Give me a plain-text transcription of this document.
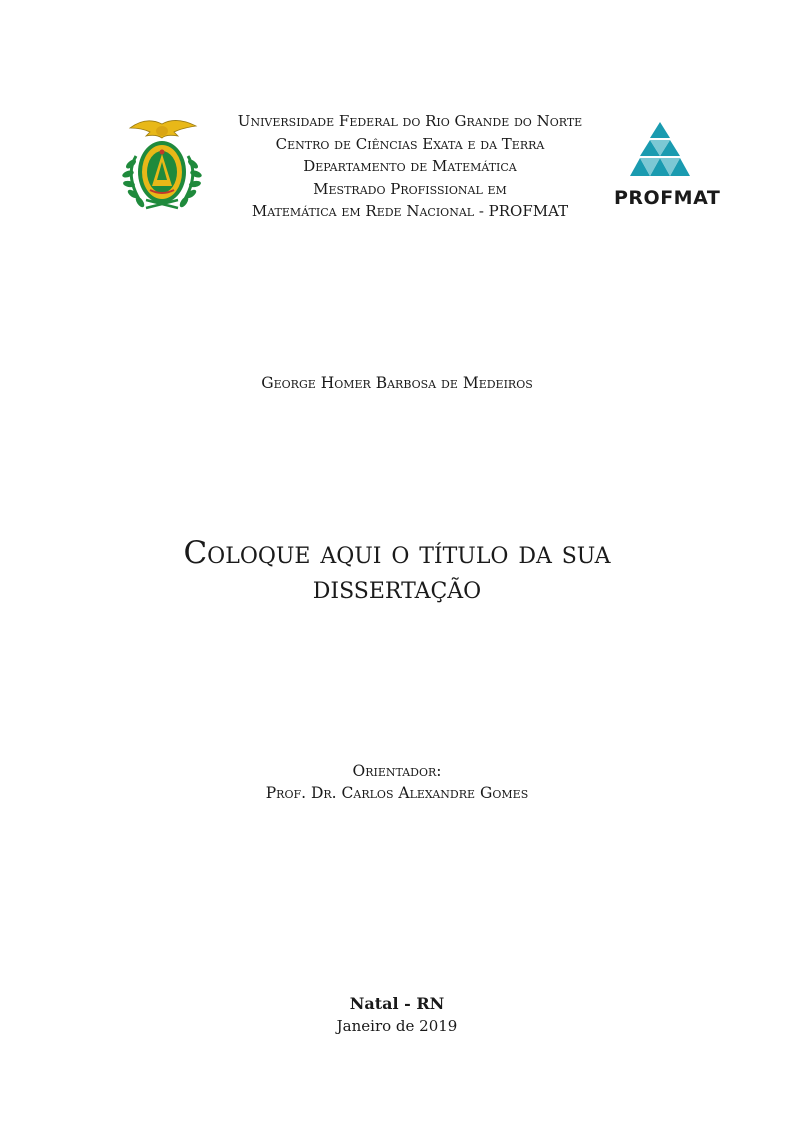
Universidade Federal do Rio Grande do Norte
Centro de Ciências Exata e da Terra
Departamento de Matemática
Mestrado Profissional em
Matemática em Rede Nacional - PROFMAT
PROFMAT
George Homer Barbosa de Medeiros
Coloque aqui o título da sua
dissertação
Orientador:
Prof. Dr. Carlos Alexandre Gomes
Natal - RN
Janeiro de 2019
